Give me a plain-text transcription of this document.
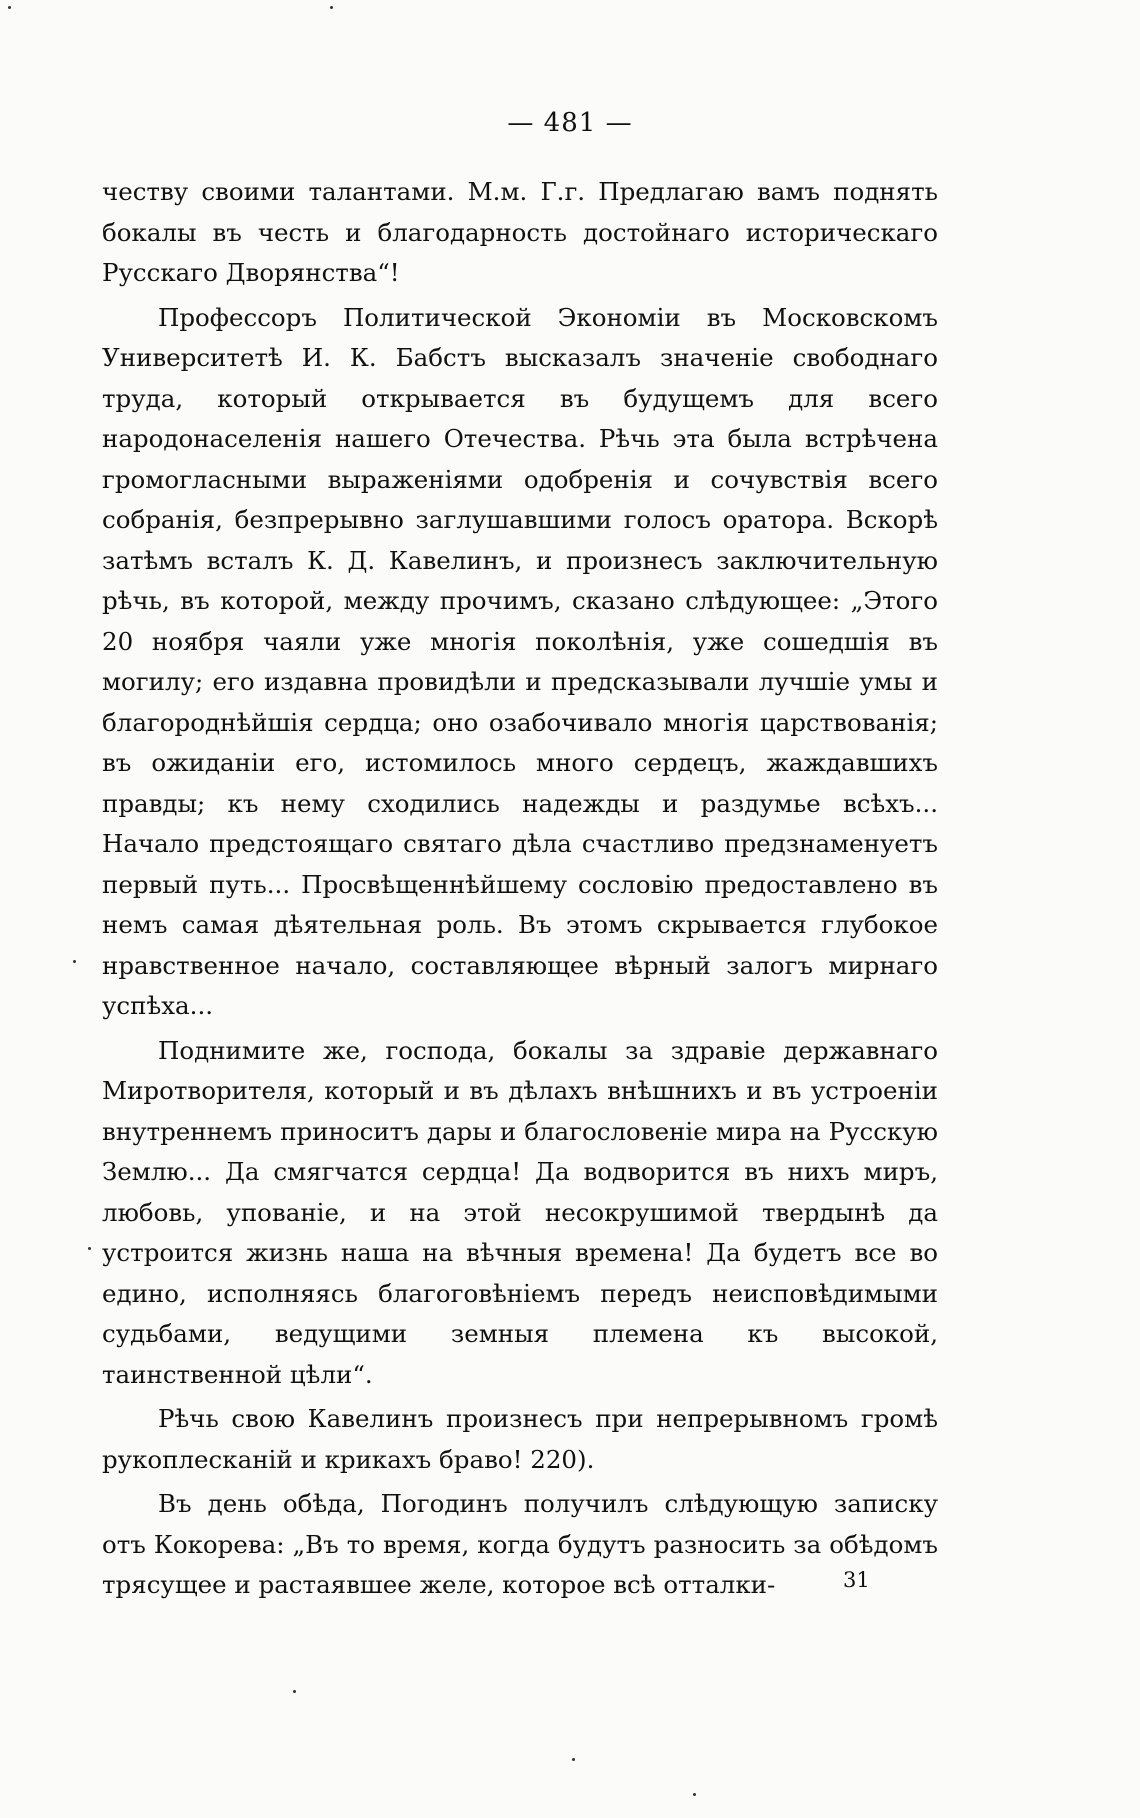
— 481 —

честву своими талантами. М.м. Г.г. Предлагаю вамъ поднять бокалы въ честь и благодарность достойнаго историческаго Русскаго Дворянства“!

Профессоръ Политической Экономіи въ Московскомъ Университетѣ И. К. Бабстъ высказалъ значеніе свободнаго труда, который открывается въ будущемъ для всего народонаселенія нашего Отечества. Рѣчь эта была встрѣчена громогласными выраженіями одобренія и сочувствія всего собранія, безпрерывно заглушавшими голосъ оратора. Вскорѣ затѣмъ всталъ К. Д. Кавелинъ, и произнесъ заключительную рѣчь, въ которой, между прочимъ, сказано слѣдующее: „Этого 20 ноября чаяли уже многія поколѣнія, уже сошедшія въ могилу; его издавна провидѣли и предсказывали лучшіе умы и благороднѣйшія сердца; оно озабочивало многія царствованія; въ ожиданіи его, истомилось много сердецъ, жаждавшихъ правды; къ нему сходились надежды и раздумье всѣхъ... Начало предстоящаго святаго дѣла счастливо предзнаменуетъ первый путь... Просвѣщеннѣйшему сословію предоставлено въ немъ самая дѣятельная роль. Въ этомъ скрывается глубокое нравственное начало, составляющее вѣрный залогъ мирнаго успѣха...

Поднимите же, господа, бокалы за здравіе державнаго Миротворителя, который и въ дѣлахъ внѣшнихъ и въ устроеніи внутреннемъ приноситъ дары и благословеніе мира на Русскую Землю... Да смягчатся сердца! Да водворится въ нихъ миръ, любовь, упованіе, и на этой несокрушимой твердынѣ да устроится жизнь наша на вѣчныя времена! Да будетъ все во едино, исполняясь благоговѣніемъ передъ неисповѣдимыми судьбами, ведущими земныя племена къ высокой, таинственной цѣли“.

Рѣчь свою Кавелинъ произнесъ при непрерывномъ громѣ рукоплесканій и крикахъ браво! 220).

Въ день обѣда, Погодинъ получилъ слѣдующую записку отъ Кокорева: „Въ то время, когда будутъ разносить за обѣдомъ трясущее и растаявшее желе, которое всѣ отталки-	31
